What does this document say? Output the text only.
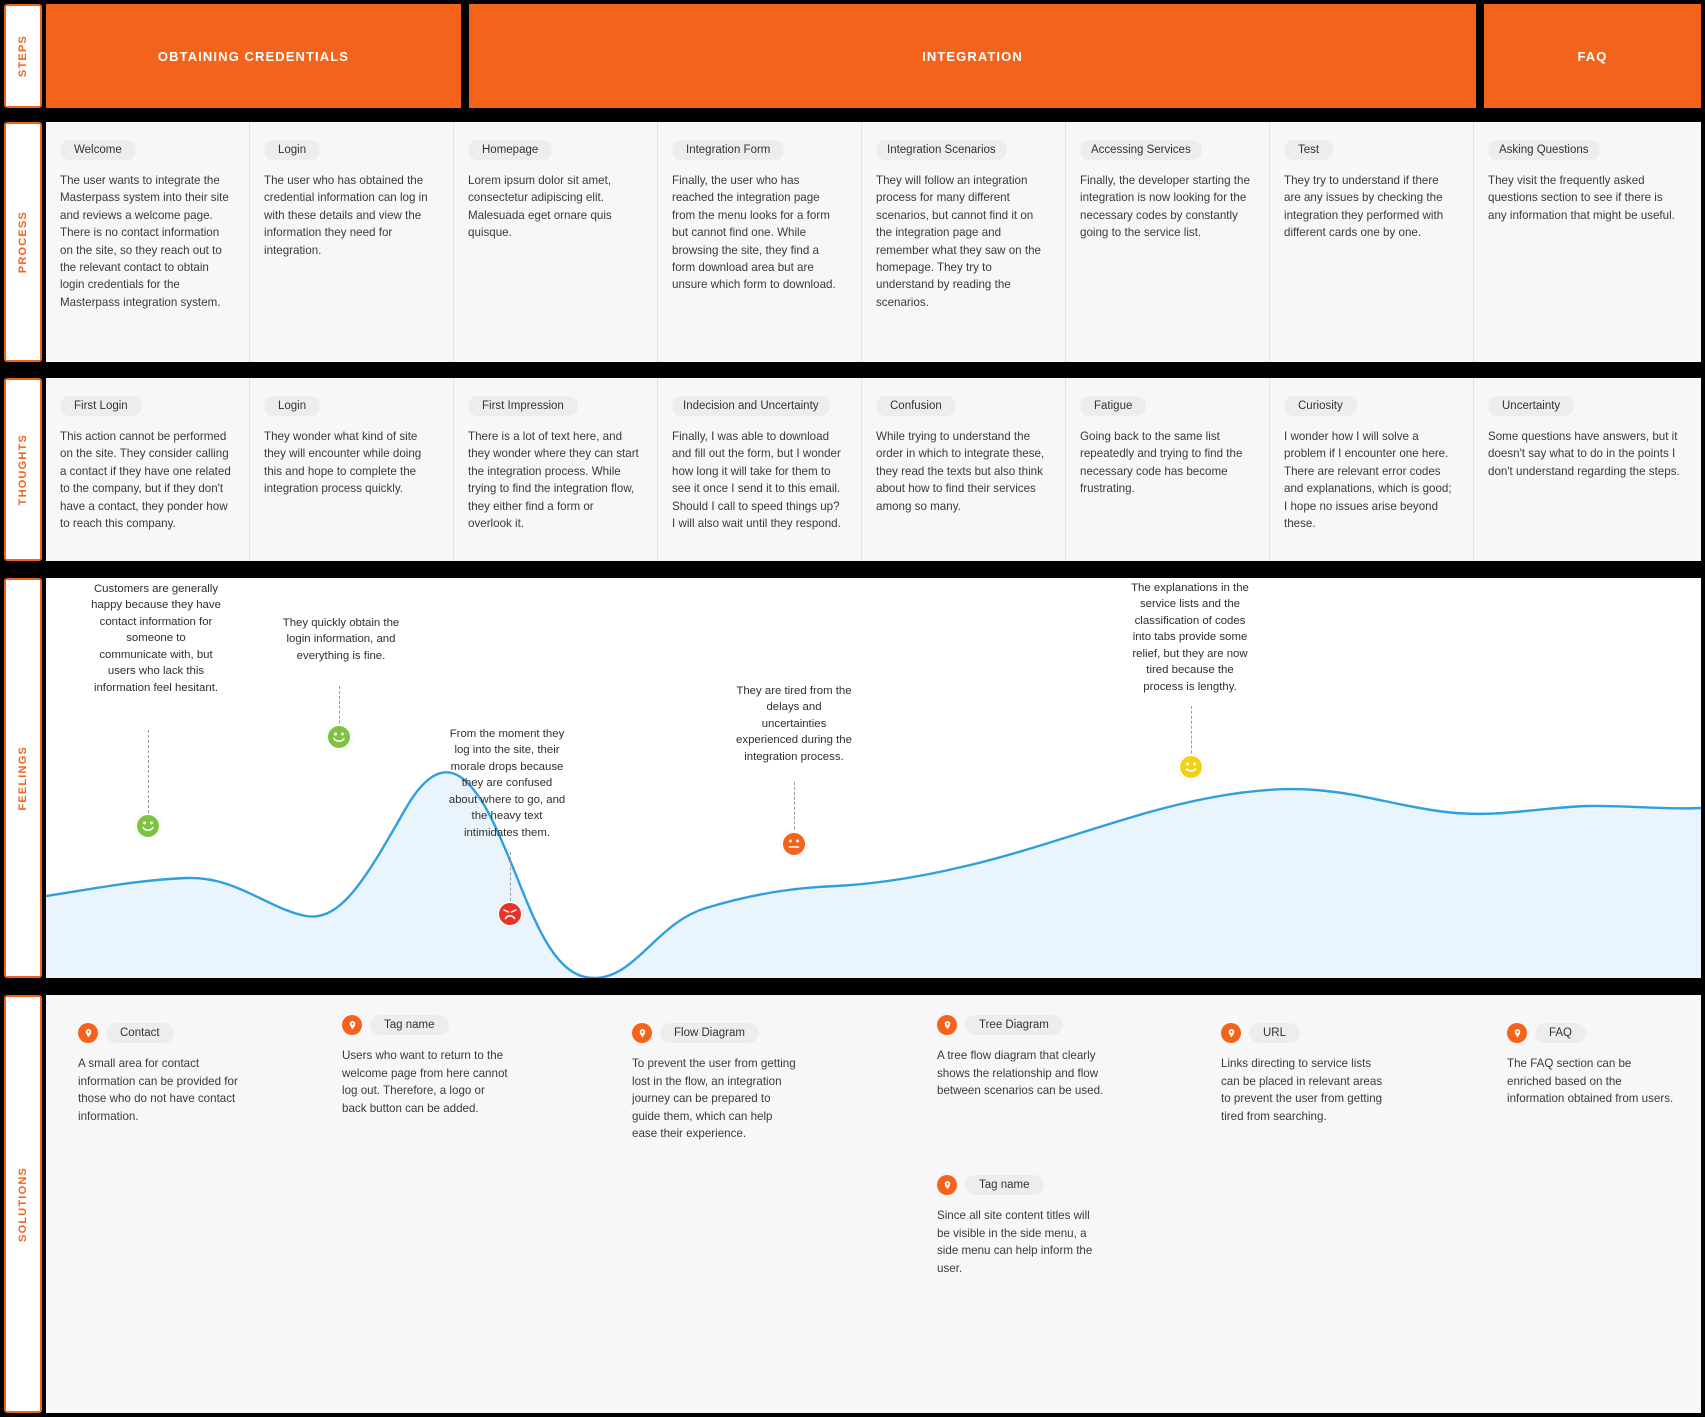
STEPS
PROCESS
THOUGHTS
FEELINGS
SOLUTIONS
OBTAINING CREDENTIALS	INTEGRATION	FAQ
Welcome
The user wants to integrate the Masterpass system into their site and reviews a welcome page. There is no contact information on the site, so they reach out to the relevant contact to obtain login credentials for the Masterpass integration system.
Login
The user who has obtained the credential information can log in with these details and view the information they need for integration.
Homepage
Lorem ipsum dolor sit amet, consectetur adipiscing elit. Malesuada eget ornare quis quisque.
Integration Form
Finally, the user who has reached the integration page from the menu looks for a form but cannot find one. While browsing the site, they find a form download area but are unsure which form to download.
Integration Scenarios
They will follow an integration process for many different scenarios, but cannot find it on the integration page and remember what they saw on the homepage. They try to understand by reading the scenarios.
Accessing Services
Finally, the developer starting the integration is now looking for the necessary codes by constantly going to the service list.
Test
They try to understand if there are any issues by checking the integration they performed with different cards one by one.
Asking Questions
They visit the frequently asked questions section to see if there is any information that might be useful.
First Login
This action cannot be performed on the site. They consider calling a contact if they have one related to the company, but if they don't have a contact, they ponder how to reach this company.
Login
They wonder what kind of site they will encounter while doing this and hope to complete the integration process quickly.
First Impression
There is a lot of text here, and they wonder where they can start the integration process. While trying to find the integration flow, they either find a form or overlook it.
Indecision and Uncertainty
Finally, I was able to download and fill out the form, but I wonder how long it will take for them to see it once I send it to this email. Should I call to speed things up? I will also wait until they respond.
Confusion
While trying to understand the order in which to integrate these, they read the texts but also think about how to find their services among so many.
Fatigue
Going back to the same list repeatedly and trying to find the necessary code has become frustrating.
Curiosity
I wonder how I will solve a problem if I encounter one here. There are relevant error codes and explanations, which is good; I hope no issues arise beyond these.
Uncertainty
Some questions have answers, but it doesn't say what to do in the points I don't understand regarding the steps.
Customers are generally happy because they have contact information for someone to communicate with, but users who lack this information feel hesitant.
They quickly obtain the login information, and everything is fine.
From the moment they log into the site, their morale drops because they are confused about where to go, and the heavy text intimidates them.
They are tired from the delays and uncertainties experienced during the integration process.
The explanations in the service lists and the classification of codes into tabs provide some relief, but they are now tired because the process is lengthy.
Contact
A small area for contact information can be provided for those who do not have contact information.
Tag name
Users who want to return to the welcome page from here cannot log out. Therefore, a logo or back button can be added.
Flow Diagram
To prevent the user from getting lost in the flow, an integration journey can be prepared to guide them, which can help ease their experience.
Tree Diagram
A tree flow diagram that clearly shows the relationship and flow between scenarios can be used.
Tag name
Since all site content titles will be visible in the side menu, a side menu can help inform the user.
URL
Links directing to service lists can be placed in relevant areas to prevent the user from getting tired from searching.
FAQ
The FAQ section can be enriched based on the information obtained from users.
